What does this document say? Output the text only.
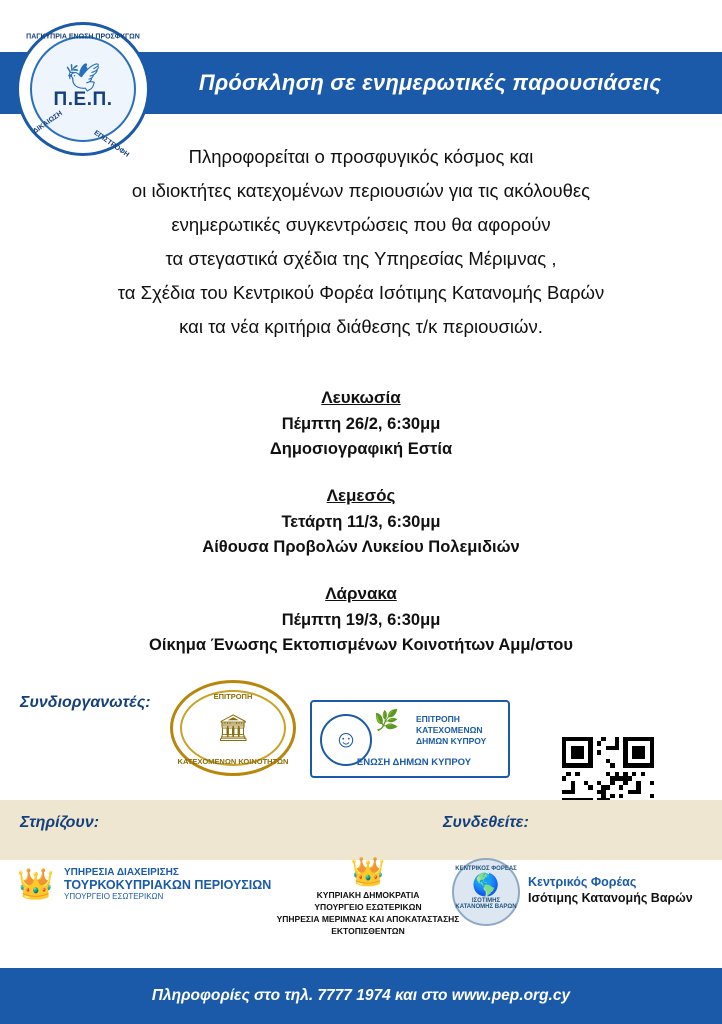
Πρόσκληση σε ενημερωτικές παρουσιάσεις
ΠΑΓΚΥΠΡΙΑ ΕΝΩΣΗ ΠΡΟΣΦΥΓΩΝ
ΔΙΚΑΙΩΣΗ
ΕΠΙΣΤΡΟΦΗ
🕊
Π.Ε.Π.
Πληροφορείται ο προσφυγικός κόσμος και
οι ιδιοκτήτες κατεχομένων περιουσιών για τις ακόλουθες
ενημερωτικές συγκεντρώσεις που θα αφορούν
τα στεγαστικά σχέδια της Υπηρεσίας Μέριμνας ,
τα Σχέδια του Κεντρικού Φορέα Ισότιμης Κατανομής Βαρών
και τα νέα κριτήρια διάθεσης τ/κ περιουσιών.
Λευκωσία
Πέμπτη 26/2, 6:30μμ
Δημοσιογραφική Εστία
Λεμεσός
Τετάρτη 11/3, 6:30μμ
Αίθουσα Προβολών Λυκείου Πολεμιδιών
Λάρνακα
Πέμπτη 19/3, 6:30μμ
Οίκημα Ένωσης Εκτοπισμένων Κοινοτήτων Αμμ/στου
Συνδιοργανωτές:	ΕΠΙΤΡΟΠΗ
🏛
ΚΑΤΕΧΟΜΕΝΩΝ ΚΟΙΝΟΤΗΤΩΝ
☺
🌿 ΕΠΙΤΡΟΠΗ
ΚΑΤΕΧΟΜΕΝΩΝ
ΔΗΜΩΝ ΚΥΠΡΟΥ
ΕΝΩΣΗ ΔΗΜΩΝ ΚΥΠΡΟΥ
Στηρίζουν:	Συνδεθείτε:
👑 ΥΠΗΡΕΣΙΑ ΔΙΑΧΕΙΡΙΣΗΣ
ΤΟΥΡΚΟΚΥΠΡΙΑΚΩΝ ΠΕΡΙΟΥΣΙΩΝ
ΥΠΟΥΡΓΕΙΟ ΕΣΩΤΕΡΙΚΩΝ
👑
ΚΥΠΡΙΑΚΗ ΔΗΜΟΚΡΑΤΙΑ
ΥΠΟΥΡΓΕΙΟ ΕΣΩΤΕΡΙΚΩΝ
ΥΠΗΡΕΣΙΑ ΜΕΡΙΜΝΑΣ ΚΑΙ ΑΠΟΚΑΤΑΣΤΑΣΗΣ ΕΚΤΟΠΙΣΘΕΝΤΩΝ
ΚΕΝΤΡΙΚΟΣ ΦΟΡΕΑΣ
🌎
ΙΣΟΤΙΜΗΣ ΚΑΤΑΝΟΜΗΣ ΒΑΡΩΝ
Κεντρικός Φορέας
Ισότιμης Κατανομής Βαρών
Πληροφορίες στο τηλ. 7777 1974 και στο www.pep.org.cy
